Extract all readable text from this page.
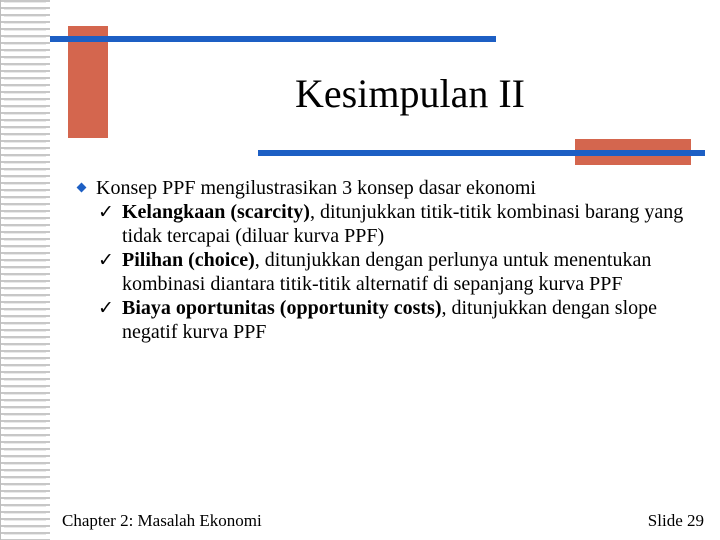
Kesimpulan II
Konsep PPF mengilustrasikan 3 konsep dasar ekonomi
✓ Kelangkaan (scarcity), ditunjukkan titik-titik kombinasi barang yang tidak tercapai (diluar kurva PPF)
✓ Pilihan (choice), ditunjukkan dengan perlunya untuk menentukan kombinasi diantara titik-titik alternatif di sepanjang kurva PPF
✓ Biaya oportunitas (opportunity costs), ditunjukkan dengan slope negatif kurva PPF
Chapter 2: Masalah Ekonomi	Slide 29
